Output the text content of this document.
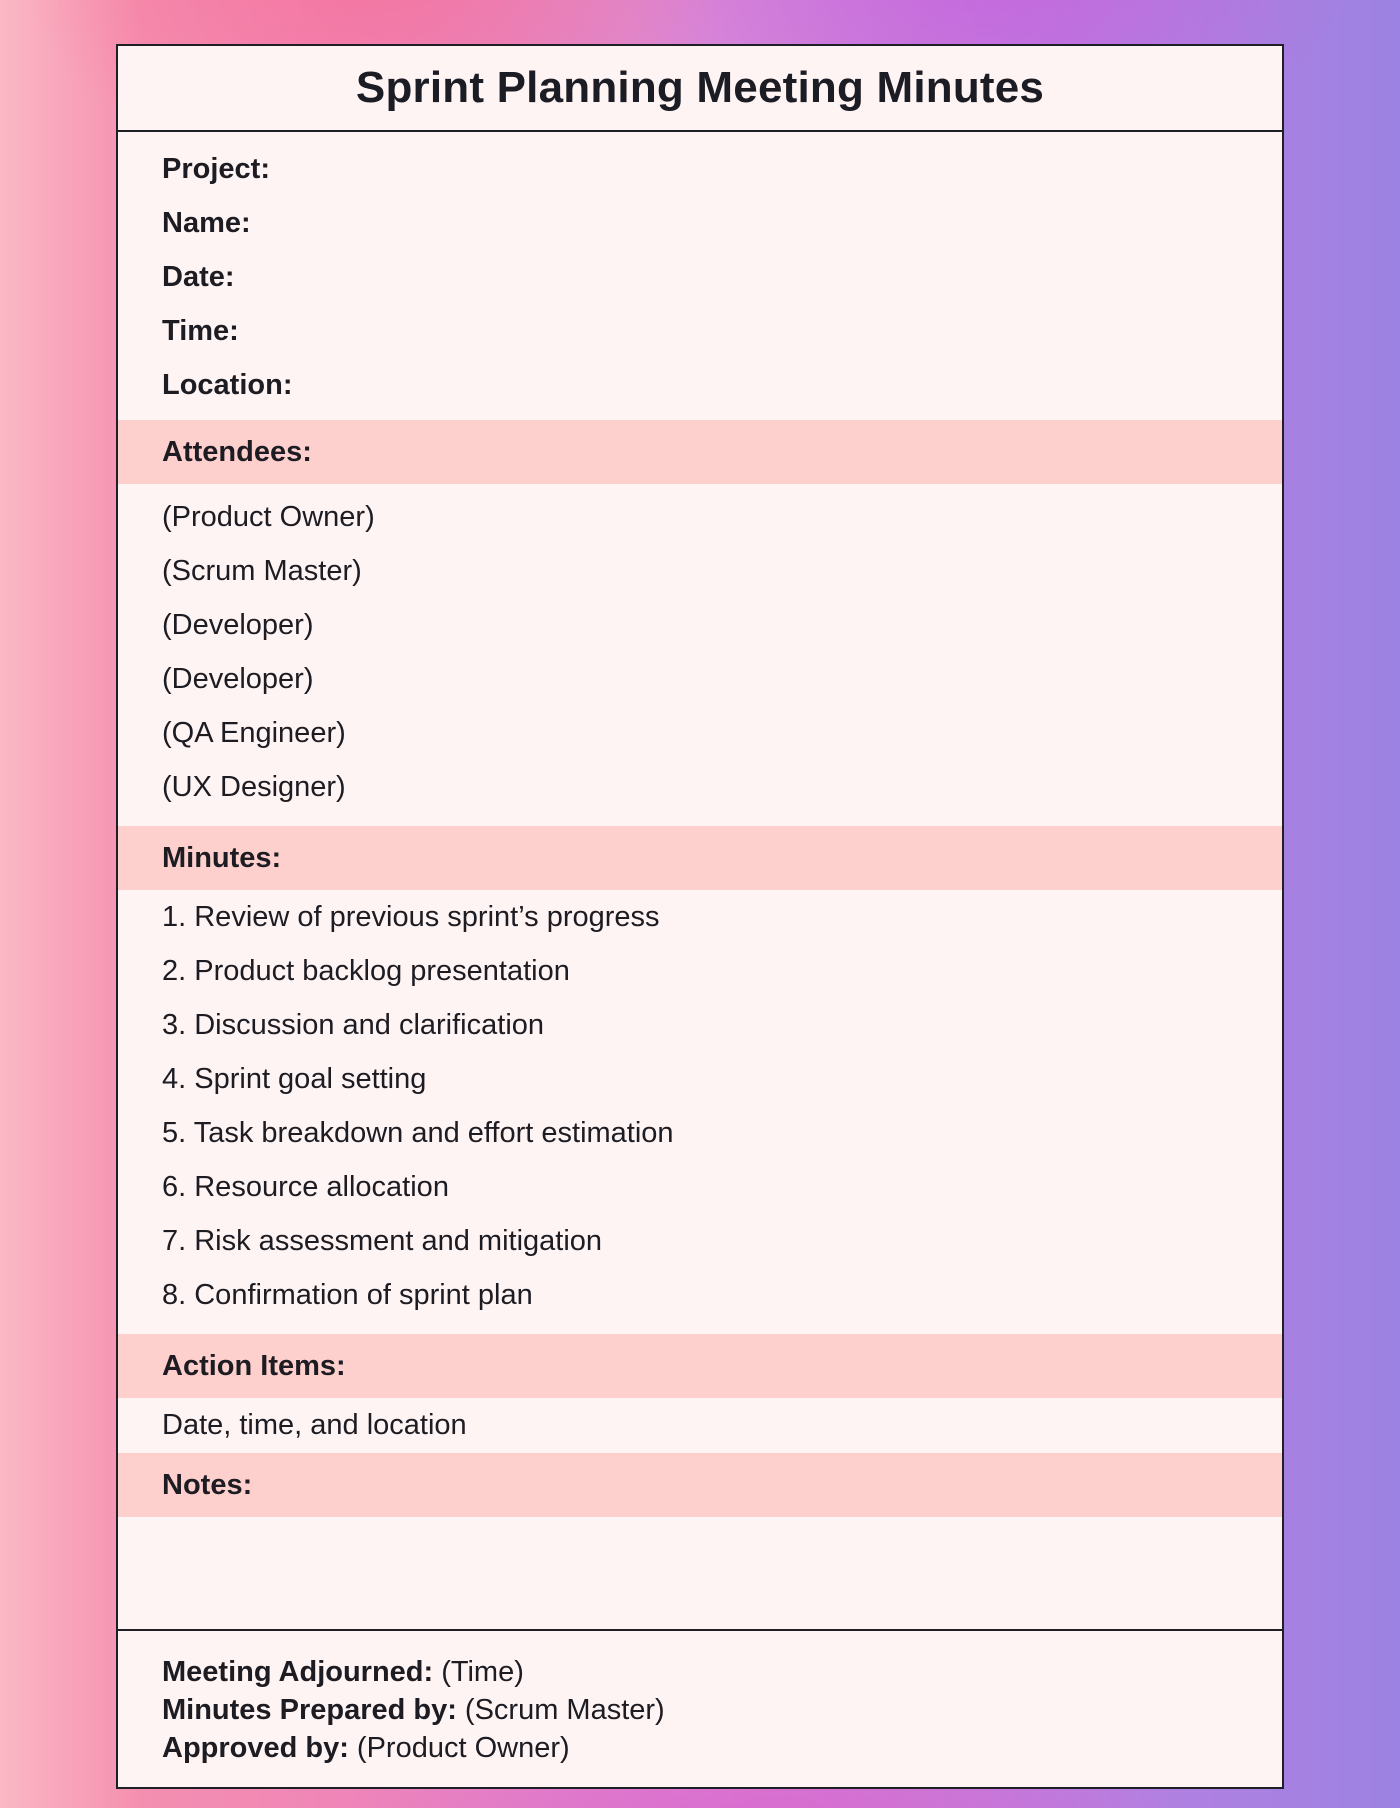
Sprint Planning Meeting Minutes
Project:
Name:
Date:
Time:
Location:
Attendees:
(Product Owner)
(Scrum Master)
(Developer)
(Developer)
(QA Engineer)
(UX Designer)
Minutes:
1. Review of previous sprint’s progress
2. Product backlog presentation
3. Discussion and clarification
4. Sprint goal setting
5. Task breakdown and effort estimation
6. Resource allocation
7. Risk assessment and mitigation
8. Confirmation of sprint plan
Action Items:
Date, time, and location
Notes:
Meeting Adjourned: (Time)
Minutes Prepared by: (Scrum Master)
Approved by: (Product Owner)
